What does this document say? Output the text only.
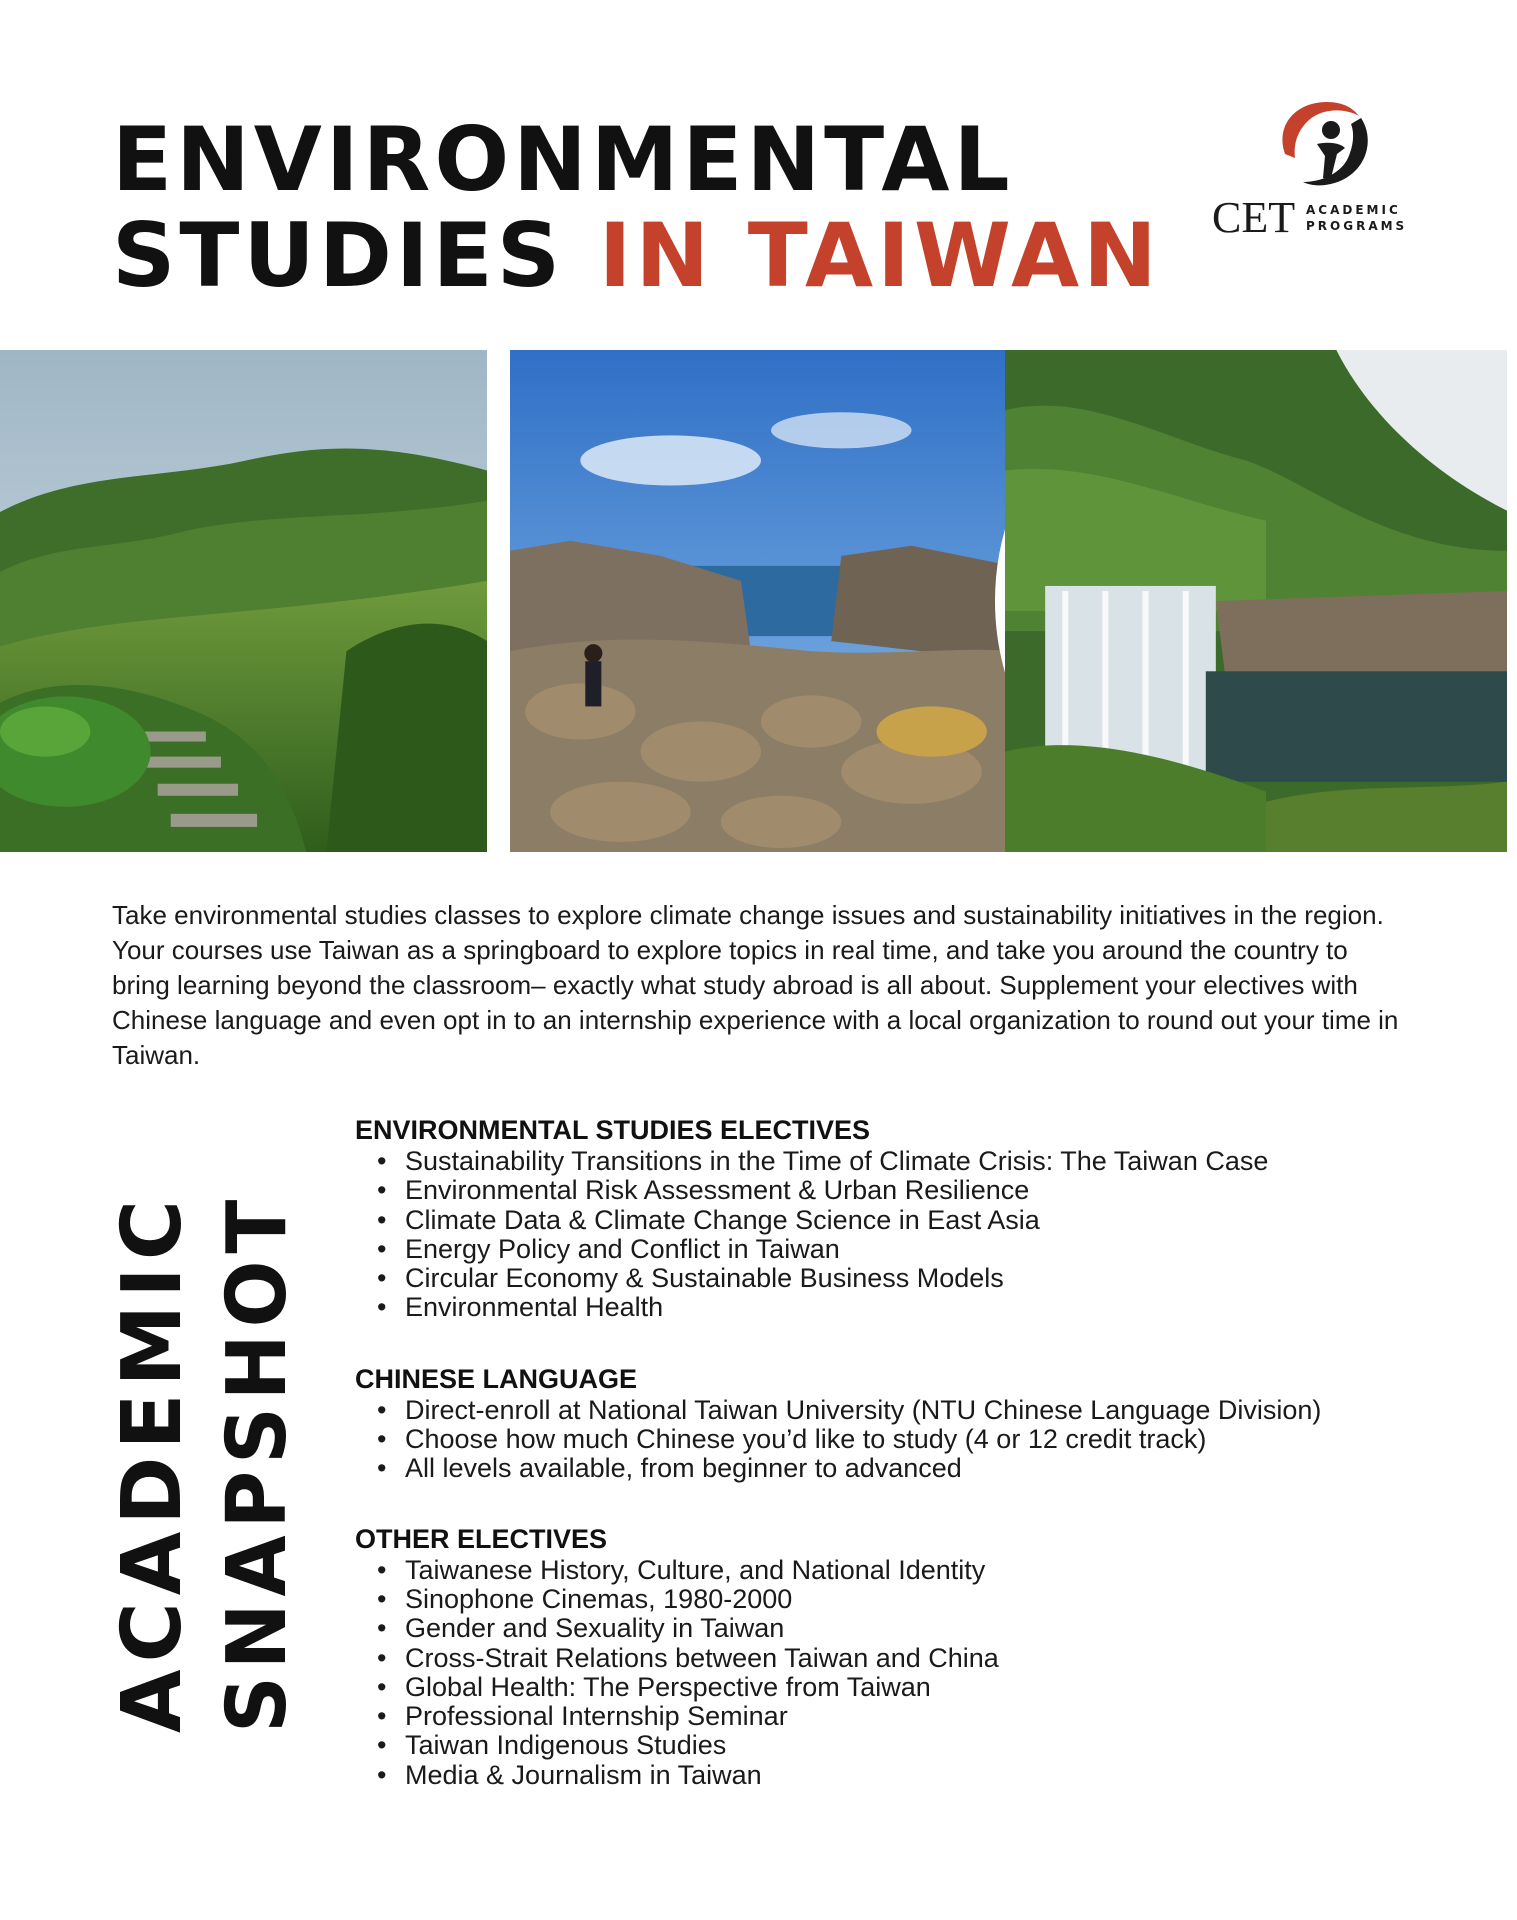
ENVIRONMENTAL
STUDIES IN TAIWAN CET ACADEMIC
PROGRAMS

Take environmental studies classes to explore climate change issues and sustainability initiatives in the region. Your courses use Taiwan as a springboard to explore topics in real time, and take you around the country to bring learning beyond the classroom– exactly what study abroad is all about. Supplement your electives with Chinese language and even opt in to an internship experience with a local organization to round out your time in Taiwan.

ACADEMIC SNAPSHOT
ENVIRONMENTAL STUDIES ELECTIVES
• Sustainability Transitions in the Time of Climate Crisis: The Taiwan Case
• Environmental Risk Assessment & Urban Resilience
• Climate Data & Climate Change Science in East Asia
• Energy Policy and Conflict in Taiwan
• Circular Economy & Sustainable Business Models
• Environmental Health
CHINESE LANGUAGE
• Direct-enroll at National Taiwan University (NTU Chinese Language Division)
• Choose how much Chinese you’d like to study (4 or 12 credit track)
• All levels available, from beginner to advanced
OTHER ELECTIVES
• Taiwanese History, Culture, and National Identity
• Sinophone Cinemas, 1980-2000
• Gender and Sexuality in Taiwan
• Cross-Strait Relations between Taiwan and China
• Global Health: The Perspective from Taiwan
• Professional Internship Seminar
• Taiwan Indigenous Studies
• Media & Journalism in Taiwan
